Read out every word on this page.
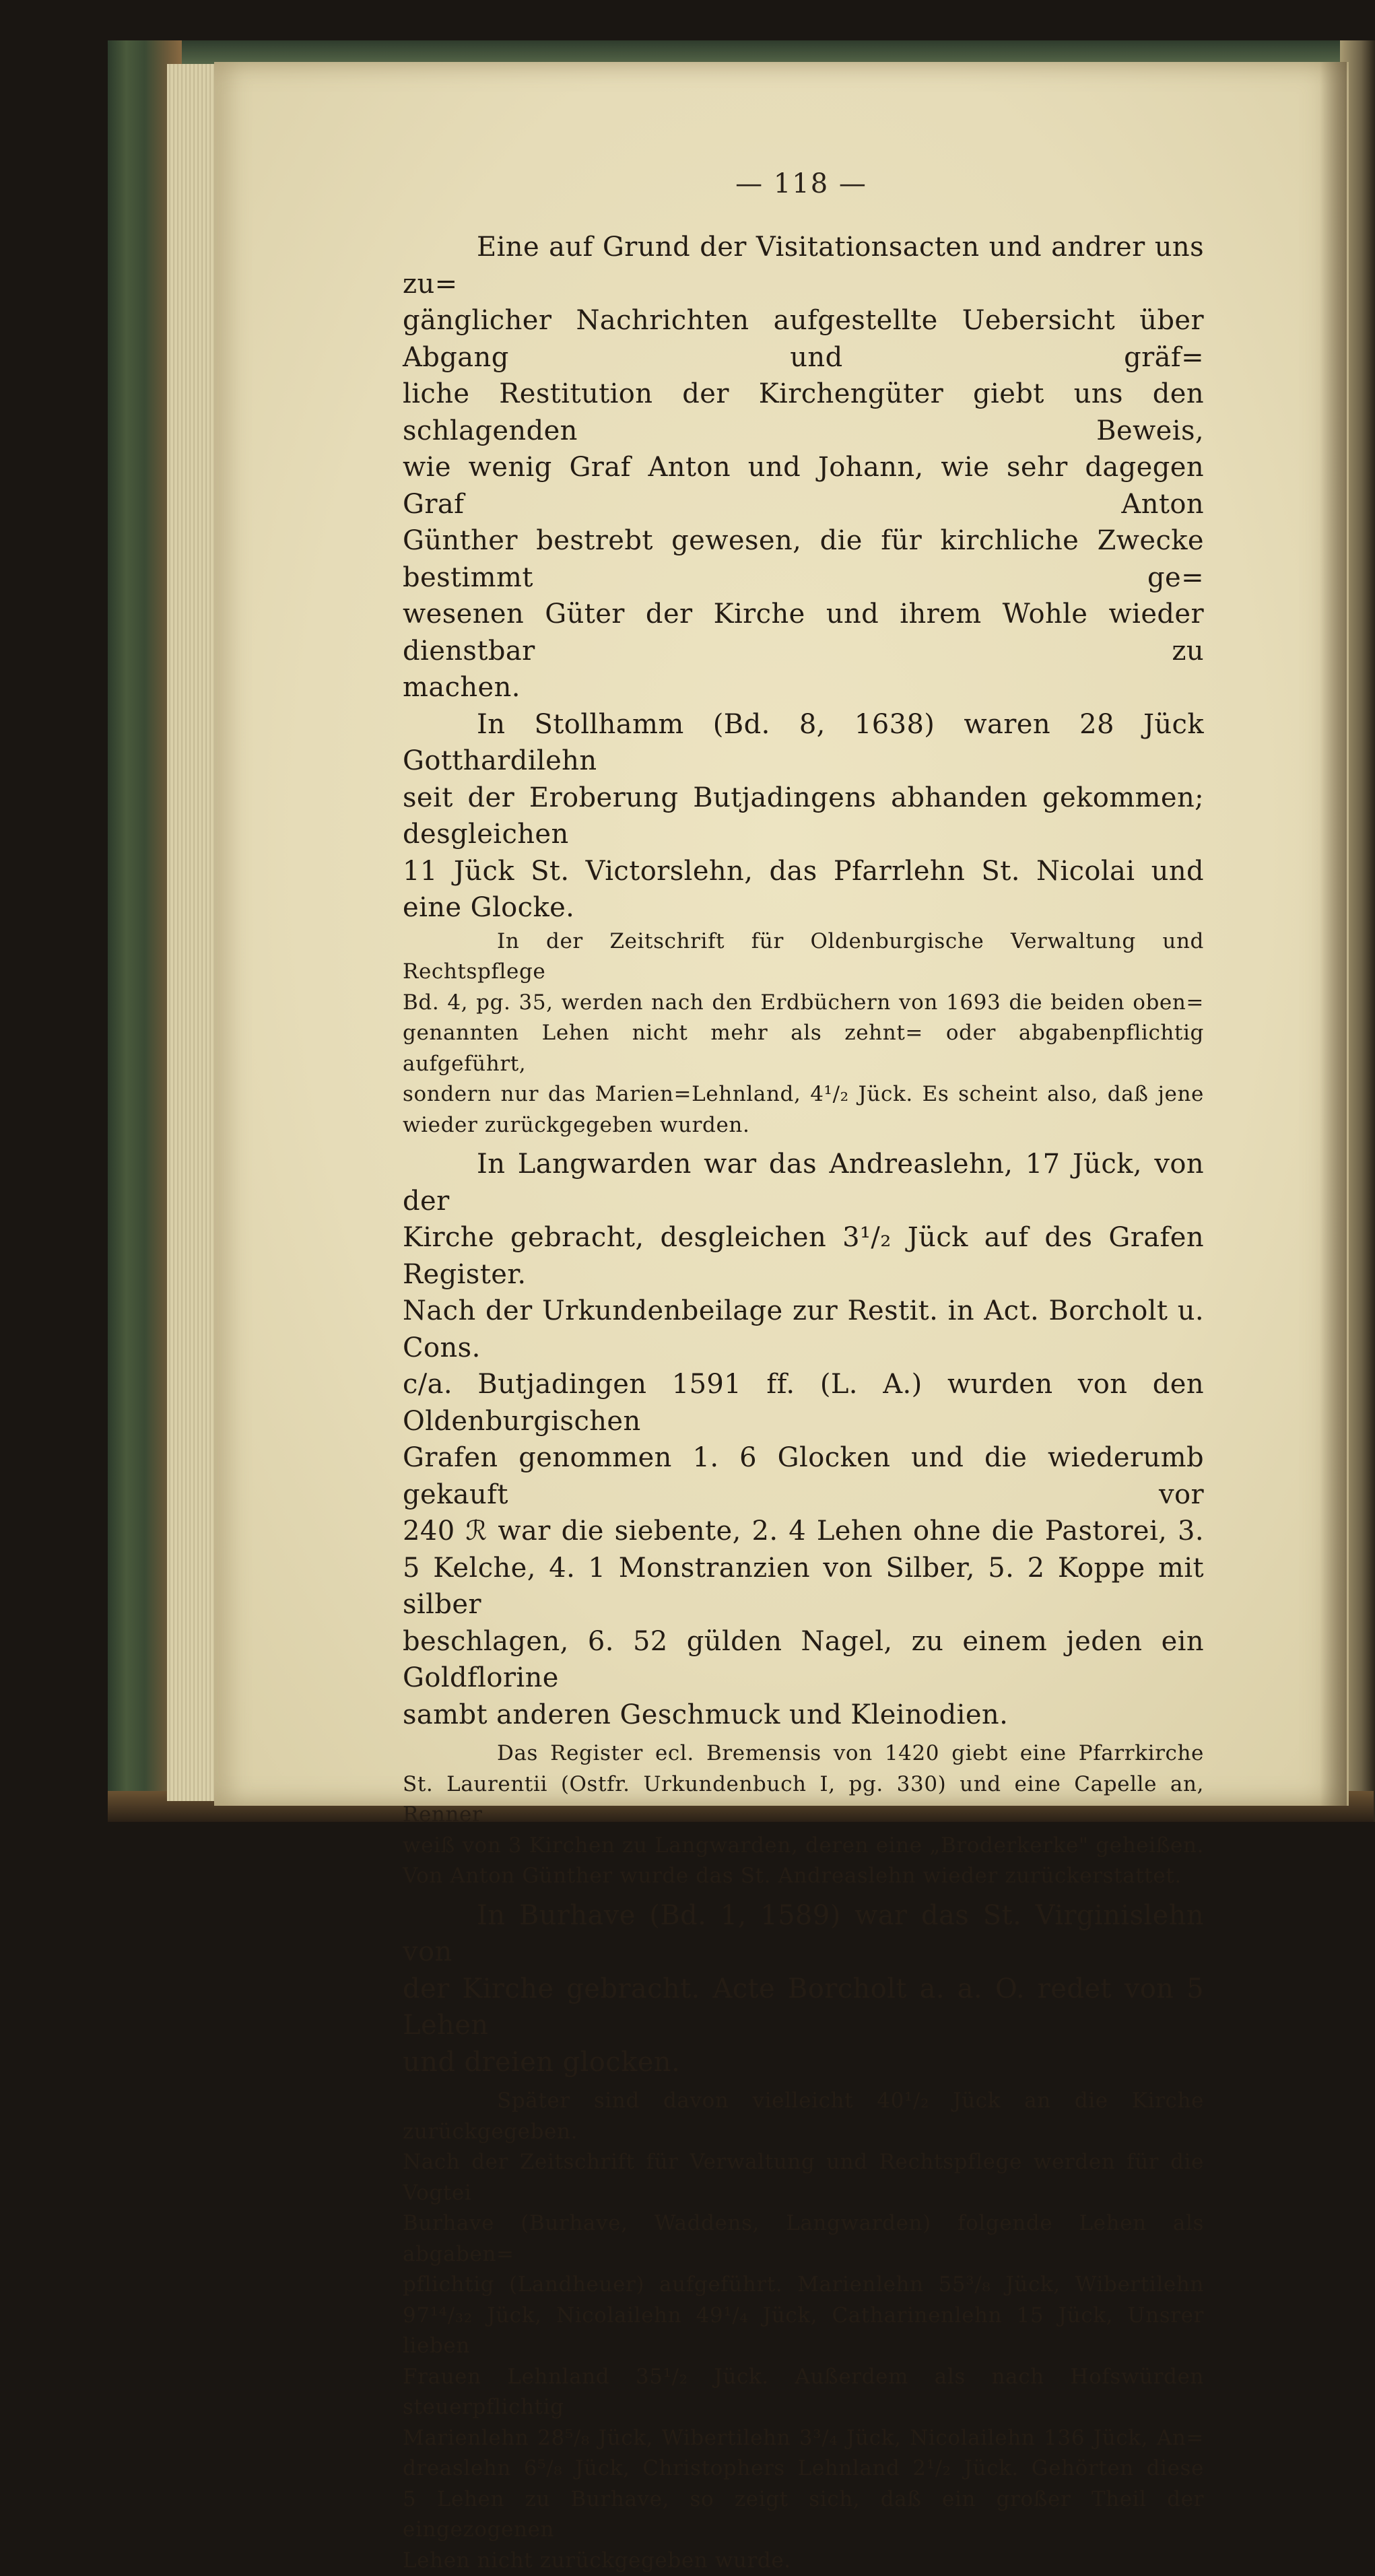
— 118 —
Eine auf Grund der Visitationsacten und andrer uns zu=
gänglicher Nachrichten aufgestellte Uebersicht über Abgang und gräf=
liche Restitution der Kirchengüter giebt uns den schlagenden Beweis,
wie wenig Graf Anton und Johann, wie sehr dagegen Graf Anton
Günther bestrebt gewesen, die für kirchliche Zwecke bestimmt ge=
wesenen Güter der Kirche und ihrem Wohle wieder dienstbar zu
machen.
In Stollhamm (Bd. 8, 1638) waren 28 Jück Gotthardilehn
seit der Eroberung Butjadingens abhanden gekommen; desgleichen
11 Jück St. Victorslehn, das Pfarrlehn St. Nicolai und eine Glocke.
In der Zeitschrift für Oldenburgische Verwaltung und Rechtspflege
Bd. 4, pg. 35, werden nach den Erdbüchern von 1693 die beiden oben=
genannten Lehen nicht mehr als zehnt= oder abgabenpflichtig aufgeführt,
sondern nur das Marien=Lehnland, 4¹/₂ Jück. Es scheint also, daß jene
wieder zurückgegeben wurden.
In Langwarden war das Andreaslehn, 17 Jück, von der
Kirche gebracht, desgleichen 3¹/₂ Jück auf des Grafen Register.
Nach der Urkundenbeilage zur Restit. in Act. Borcholt u. Cons.
c/a. Butjadingen 1591 ff. (L. A.) wurden von den Oldenburgischen
Grafen genommen 1. 6 Glocken und die wiederumb gekauft vor
240 ℛ war die siebente, 2. 4 Lehen ohne die Pastorei, 3.
5 Kelche, 4. 1 Monstranzien von Silber, 5. 2 Koppe mit silber
beschlagen, 6. 52 gülden Nagel, zu einem jeden ein Goldflorine
sambt anderen Geschmuck und Kleinodien.
Das Register ecl. Bremensis von 1420 giebt eine Pfarrkirche
St. Laurentii (Ostfr. Urkundenbuch I, pg. 330) und eine Capelle an, Renner
weiß von 3 Kirchen zu Langwarden, deren eine „Broderkerke" geheißen.
Von Anton Günther wurde das St. Andreaslehn wieder zurückerstattet.
In Burhave (Bd. 1, 1589) war das St. Virginislehn von
der Kirche gebracht. Acte Borcholt a. a. O. redet von 5 Lehen
und dreien glocken.
Später sind davon vielleicht 40¹/₂ Jück an die Kirche zurückgegeben.
Nach der Zeitschrift für Verwaltung und Rechtspflege werden für die Vogtei
Burhave (Burhave, Waddens, Langwarden) folgende Lehen als abgaben=
pflichtig (Landheuer) aufgeführt. Marienlehn 55³/₈ Jück, Wibertilehn
97¹⁴/₃₂ Jück, Nicolailehn 49¹/₄ Jück, Catharinenlehn 15 Jück, Unsrer lieben
Frauen Lehnland 35¹/₂ Jück. Außerdem als nach Hofswürden steuerpflichtig
Marienlehn 28⁵/₈ Jück, Wibertilehn 3³/₄ Jück, Nicolailehn 136 Jück, An=
dreaslehn 6⁵/₈ Jück, Christophers Lehnland 2¹/₂ Jück. Gehörten diese
5 Lehen zu Burhave, so zeigt sich, daß ein großer Theil der eingezogenen
Lehen nicht zurückgegeben wurde.
